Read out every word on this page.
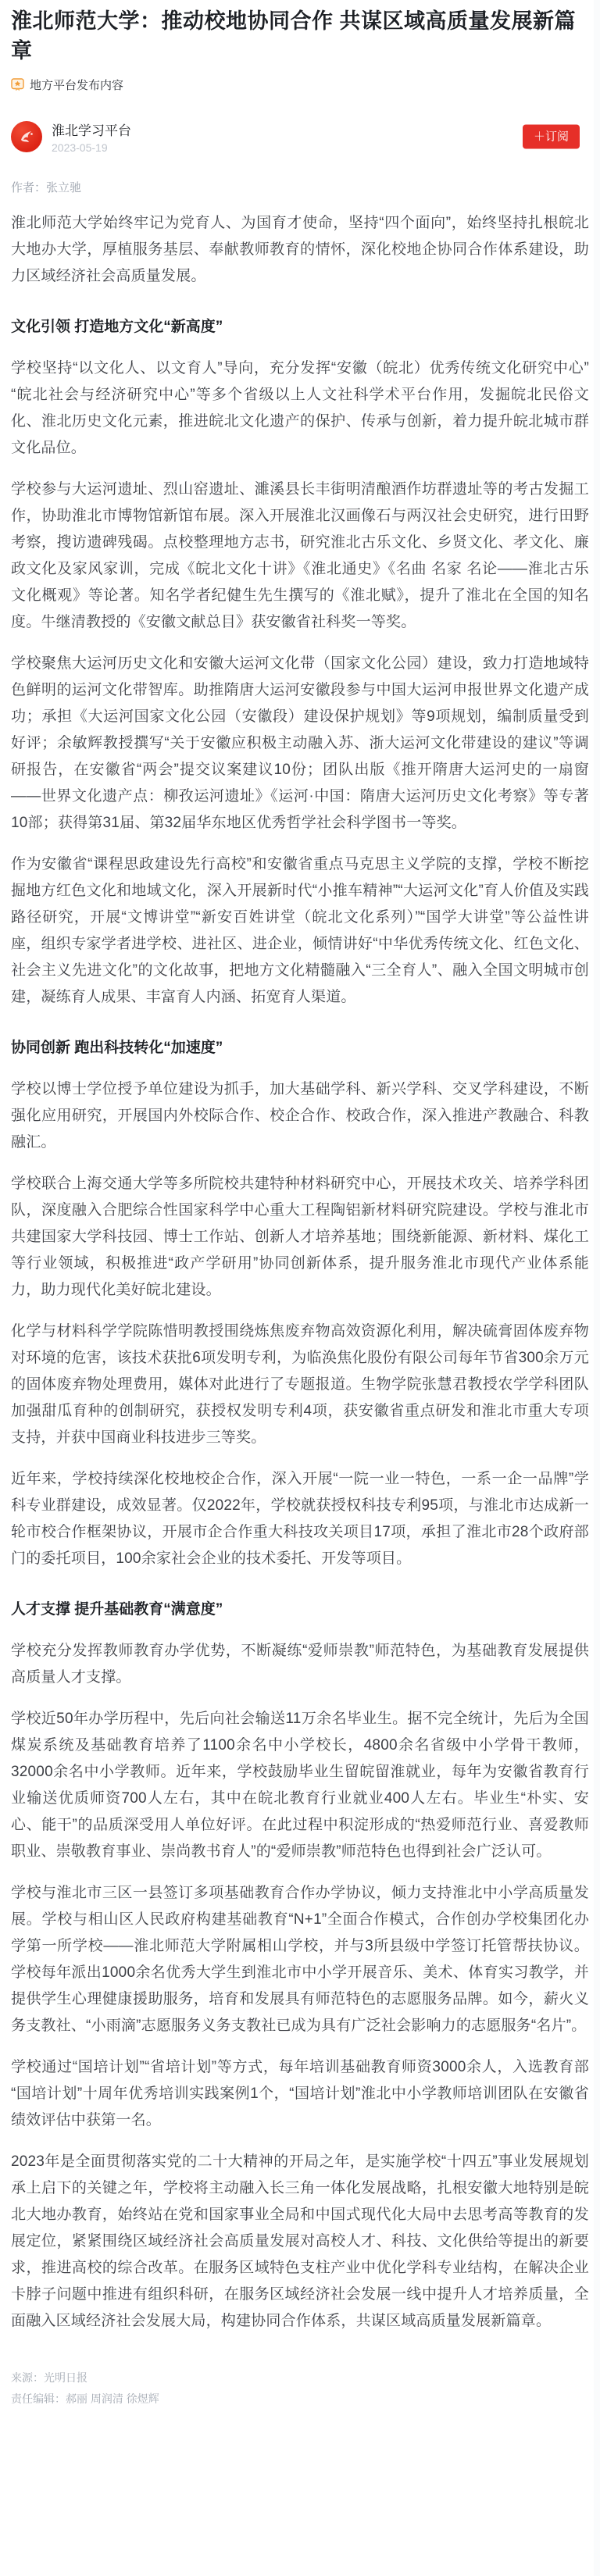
淮北师范大学：推动校地协同合作 共谋区域高质量发展新篇章
地方平台发布内容
淮北学习平台
2023-05-19
＋订阅
作者：张立驰

淮北师范大学始终牢记为党育人、为国育才使命，坚持“四个面向”，始终坚持扎根皖北大地办大学，厚植服务基层、奉献教师教育的情怀，深化校地企协同合作体系建设，助力区域经济社会高质量发展。

文化引领 打造地方文化“新高度”

学校坚持“以文化人、以文育人”导向，充分发挥“安徽（皖北）优秀传统文化研究中心”“皖北社会与经济研究中心”等多个省级以上人文社科学术平台作用，发掘皖北民俗文化、淮北历史文化元素，推进皖北文化遗产的保护、传承与创新，着力提升皖北城市群文化品位。

学校参与大运河遗址、烈山窑遗址、濉溪县长丰街明清酿酒作坊群遗址等的考古发掘工作，协助淮北市博物馆新馆布展。深入开展淮北汉画像石与两汉社会史研究，进行田野考察，搜访遗碑残碣。点校整理地方志书，研究淮北古乐文化、乡贤文化、孝文化、廉政文化及家风家训，完成《皖北文化十讲》《淮北通史》《名曲 名家 名论——淮北古乐文化概观》等论著。知名学者纪健生先生撰写的《淮北赋》，提升了淮北在全国的知名度。牛继清教授的《安徽文献总目》获安徽省社科奖一等奖。

学校聚焦大运河历史文化和安徽大运河文化带（国家文化公园）建设，致力打造地域特色鲜明的运河文化带智库。助推隋唐大运河安徽段参与中国大运河申报世界文化遗产成功；承担《大运河国家文化公园（安徽段）建设保护规划》等9项规划，编制质量受到好评；余敏辉教授撰写“关于安徽应积极主动融入苏、浙大运河文化带建设的建议”等调研报告，在安徽省“两会”提交议案建议10份；团队出版《推开隋唐大运河史的一扇窗——世界文化遗产点：柳孜运河遗址》《运河·中国：隋唐大运河历史文化考察》等专著10部；获得第31届、第32届华东地区优秀哲学社会科学图书一等奖。

作为安徽省“课程思政建设先行高校”和安徽省重点马克思主义学院的支撑，学校不断挖掘地方红色文化和地域文化，深入开展新时代“小推车精神”“大运河文化”育人价值及实践路径研究，开展“文博讲堂”“新安百姓讲堂（皖北文化系列）”“国学大讲堂”等公益性讲座，组织专家学者进学校、进社区、进企业，倾情讲好“中华优秀传统文化、红色文化、社会主义先进文化”的文化故事，把地方文化精髓融入“三全育人”、融入全国文明城市创建，凝练育人成果、丰富育人内涵、拓宽育人渠道。

协同创新 跑出科技转化“加速度”

学校以博士学位授予单位建设为抓手，加大基础学科、新兴学科、交叉学科建设，不断强化应用研究，开展国内外校际合作、校企合作、校政合作，深入推进产教融合、科教融汇。

学校联合上海交通大学等多所院校共建特种材料研究中心，开展技术攻关、培养学科团队，深度融入合肥综合性国家科学中心重大工程陶铝新材料研究院建设。学校与淮北市共建国家大学科技园、博士工作站、创新人才培养基地；围绕新能源、新材料、煤化工等行业领域，积极推进“政产学研用”协同创新体系，提升服务淮北市现代产业体系能力，助力现代化美好皖北建设。

化学与材料科学学院陈惜明教授围绕炼焦废弃物高效资源化利用，解决硫膏固体废弃物对环境的危害，该技术获批6项发明专利，为临涣焦化股份有限公司每年节省300余万元的固体废弃物处理费用，媒体对此进行了专题报道。生物学院张慧君教授农学学科团队加强甜瓜育种的创制研究，获授权发明专利4项，获安徽省重点研发和淮北市重大专项支持，并获中国商业科技进步三等奖。

近年来，学校持续深化校地校企合作，深入开展“一院一业一特色，一系一企一品牌”学科专业群建设，成效显著。仅2022年，学校就获授权科技专利95项，与淮北市达成新一轮市校合作框架协议，开展市企合作重大科技攻关项目17项，承担了淮北市28个政府部门的委托项目，100余家社会企业的技术委托、开发等项目。

人才支撑 提升基础教育“满意度”

学校充分发挥教师教育办学优势，不断凝练“爱师崇教”师范特色，为基础教育发展提供高质量人才支撑。

学校近50年办学历程中，先后向社会输送11万余名毕业生。据不完全统计，先后为全国煤炭系统及基础教育培养了1100余名中小学校长，4800余名省级中小学骨干教师，32000余名中小学教师。近年来，学校鼓励毕业生留皖留淮就业，每年为安徽省教育行业输送优质师资700人左右，其中在皖北教育行业就业400人左右。毕业生“朴实、安心、能干”的品质深受用人单位好评。在此过程中积淀形成的“热爱师范行业、喜爱教师职业、崇敬教育事业、崇尚教书育人”的“爱师崇教”师范特色也得到社会广泛认可。

学校与淮北市三区一县签订多项基础教育合作办学协议，倾力支持淮北中小学高质量发展。学校与相山区人民政府构建基础教育“N+1”全面合作模式，合作创办学校集团化办学第一所学校——淮北师范大学附属相山学校，并与3所县级中学签订托管帮扶协议。学校每年派出1000余名优秀大学生到淮北市中小学开展音乐、美术、体育实习教学，并提供学生心理健康援助服务，培育和发展具有师范特色的志愿服务品牌。如今，薪火义务支教社、“小雨滴”志愿服务义务支教社已成为具有广泛社会影响力的志愿服务“名片”。

学校通过“国培计划”“省培计划”等方式，每年培训基础教育师资3000余人，入选教育部“国培计划”十周年优秀培训实践案例1个，“国培计划”淮北中小学教师培训团队在安徽省绩效评估中获第一名。

2023年是全面贯彻落实党的二十大精神的开局之年，是实施学校“十四五”事业发展规划承上启下的关键之年，学校将主动融入长三角一体化发展战略，扎根安徽大地特别是皖北大地办教育，始终站在党和国家事业全局和中国式现代化大局中去思考高等教育的发展定位，紧紧围绕区域经济社会高质量发展对高校人才、科技、文化供给等提出的新要求，推进高校的综合改革。在服务区域特色支柱产业中优化学科专业结构，在解决企业卡脖子问题中推进有组织科研，在服务区域经济社会发展一线中提升人才培养质量，全面融入区域经济社会发展大局，构建协同合作体系，共谋区域高质量发展新篇章。

来源：光明日报
责任编辑：郝丽 周润清 徐煜辉
